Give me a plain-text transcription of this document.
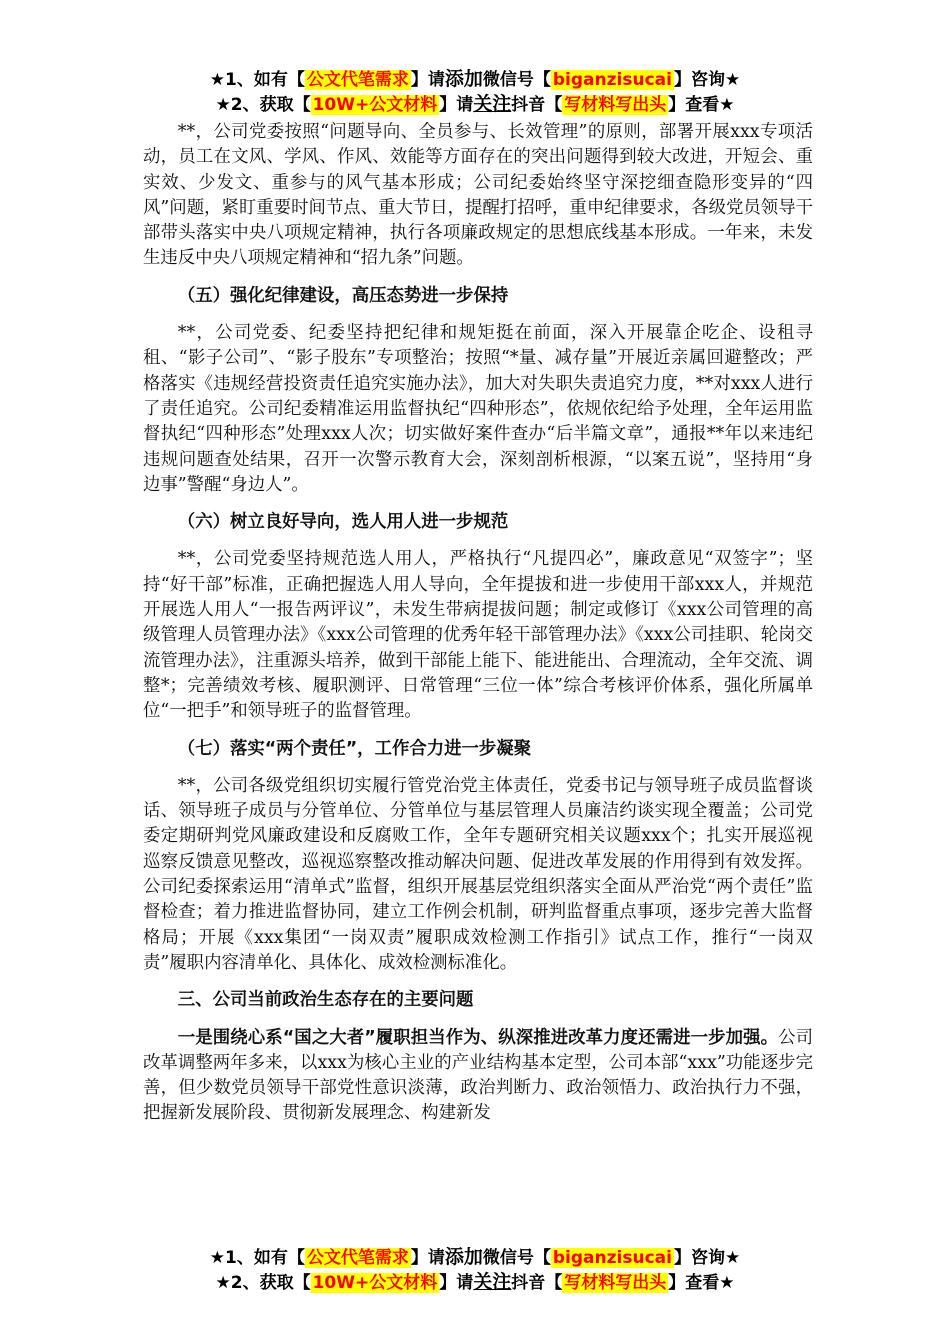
★1、如有【 公文代笔需求 】请添加微信号【 biganzisucai 】咨询★
★2、获取【 10W+公文材料 】请关注抖音【 写材料写出头 】查看★

**，公司党委按照“问题导向、全员参与、长效管理”的原则，部署开展xxx专项活动，员工在文风、学风、作风、效能等方面存在的突出问题得到较大改进，开短会、重实效、少发文、重参与的风气基本形成；公司纪委始终坚守深挖细查隐形变异的“四风”问题，紧盯重要时间节点、重大节日，提醒打招呼，重申纪律要求，各级党员领导干部带头落实中央八项规定精神，执行各项廉政规定的思想底线基本形成。一年来，未发生违反中央八项规定精神和“招九条”问题。

（五）强化纪律建设，高压态势进一步保持

**，公司党委、纪委坚持把纪律和规矩挺在前面，深入开展靠企吃企、设租寻租、“影子公司”、“影子股东”专项整治；按照“*量、减存量”开展近亲属回避整改；严格落实《违规经营投资责任追究实施办法》，加大对失职失责追究力度，**对xxx人进行了责任追究。公司纪委精准运用监督执纪“四种形态”，依规依纪给予处理，全年运用监督执纪“四种形态”处理xxx人次；切实做好案件查办“后半篇文章”，通报**年以来违纪违规问题查处结果，召开一次警示教育大会，深刻剖析根源，“以案五说”，坚持用“身边事”警醒“身边人”。

（六）树立良好导向，选人用人进一步规范

**，公司党委坚持规范选人用人，严格执行“凡提四必”，廉政意见“双签字”；坚持“好干部”标准，正确把握选人用人导向，全年提拔和进一步使用干部xxx人，并规范开展选人用人“一报告两评议”，未发生带病提拔问题；制定或修订《xxx公司管理的高级管理人员管理办法》《xxx公司管理的优秀年轻干部管理办法》《xxx公司挂职、轮岗交流管理办法》，注重源头培养，做到干部能上能下、能进能出、合理流动，全年交流、调整*；完善绩效考核、履职测评、日常管理“三位一体”综合考核评价体系，强化所属单位“一把手”和领导班子的监督管理。

（七）落实“两个责任”，工作合力进一步凝聚

**，公司各级党组织切实履行管党治党主体责任，党委书记与领导班子成员监督谈话、领导班子成员与分管单位、分管单位与基层管理人员廉洁约谈实现全覆盖；公司党委定期研判党风廉政建设和反腐败工作，全年专题研究相关议题xxx个；扎实开展巡视巡察反馈意见整改，巡视巡察整改推动解决问题、促进改革发展的作用得到有效发挥。公司纪委探索运用“清单式”监督，组织开展基层党组织落实全面从严治党“两个责任”监督检查；着力推进监督协同，建立工作例会机制，研判监督重点事项，逐步完善大监督格局；开展《xxx集团“一岗双责”履职成效检测工作指引》试点工作，推行“一岗双责”履职内容清单化、具体化、成效检测标准化。

三、公司当前政治生态存在的主要问题

一是围绕心系“国之大者”履职担当作为、纵深推进改革力度还需进一步加强。公司改革调整两年多来，以xxx为核心主业的产业结构基本定型，公司本部“xxx”功能逐步完善，但少数党员领导干部党性意识淡薄，政治判断力、政治领悟力、政治执行力不强，把握新发展阶段、贯彻新发展理念、构建新发

★1、如有【 公文代笔需求 】请添加微信号【 biganzisucai 】咨询★
★2、获取【 10W+公文材料 】请关注抖音【 写材料写出头 】查看★
